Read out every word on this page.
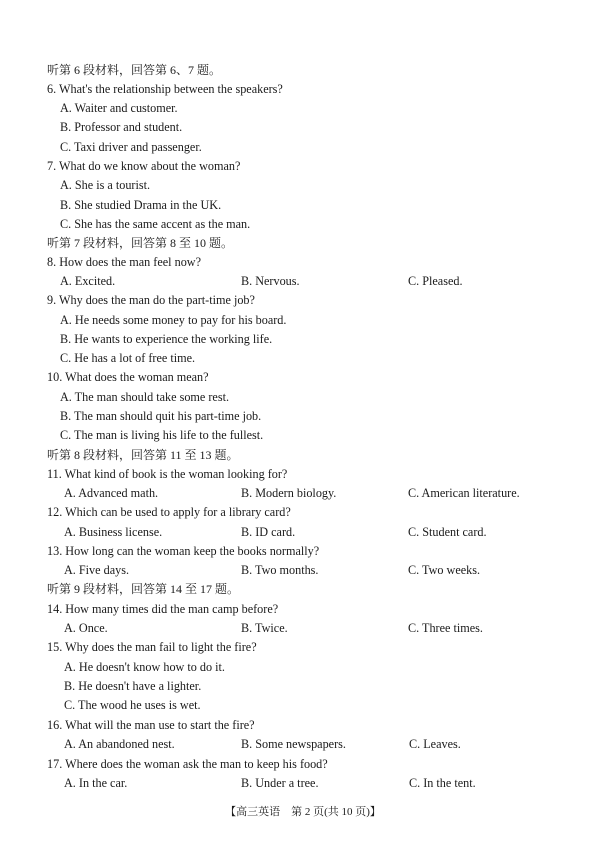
听第 6 段材料，回答第 6、7 题。
6. What's the relationship between the speakers?
A. Waiter and customer.
B. Professor and student.
C. Taxi driver and passenger.
7. What do we know about the woman?
A. She is a tourist.
B. She studied Drama in the UK.
C. She has the same accent as the man.
听第 7 段材料，回答第 8 至 10 题。
8. How does the man feel now?
A. Excited.	B. Nervous.	C. Pleased.
9. Why does the man do the part-time job?
A. He needs some money to pay for his board.
B. He wants to experience the working life.
C. He has a lot of free time.
10. What does the woman mean?
A. The man should take some rest.
B. The man should quit his part-time job.
C. The man is living his life to the fullest.
听第 8 段材料，回答第 11 至 13 题。
11. What kind of book is the woman looking for?
A. Advanced math.	B. Modern biology.	C. American literature.
12. Which can be used to apply for a library card?
A. Business license.	B. ID card.	C. Student card.
13. How long can the woman keep the books normally?
A. Five days.	B. Two months.	C. Two weeks.
听第 9 段材料，回答第 14 至 17 题。
14. How many times did the man camp before?
A. Once.	B. Twice.	C. Three times.
15. Why does the man fail to light the fire?
A. He doesn't know how to do it.
B. He doesn't have a lighter.
C. The wood he uses is wet.
16. What will the man use to start the fire?
A. An abandoned nest.	B. Some newspapers.	C. Leaves.
17. Where does the woman ask the man to keep his food?
A. In the car.	B. Under a tree.	C. In the tent.
【高三英语　第 2 页(共 10 页)】
